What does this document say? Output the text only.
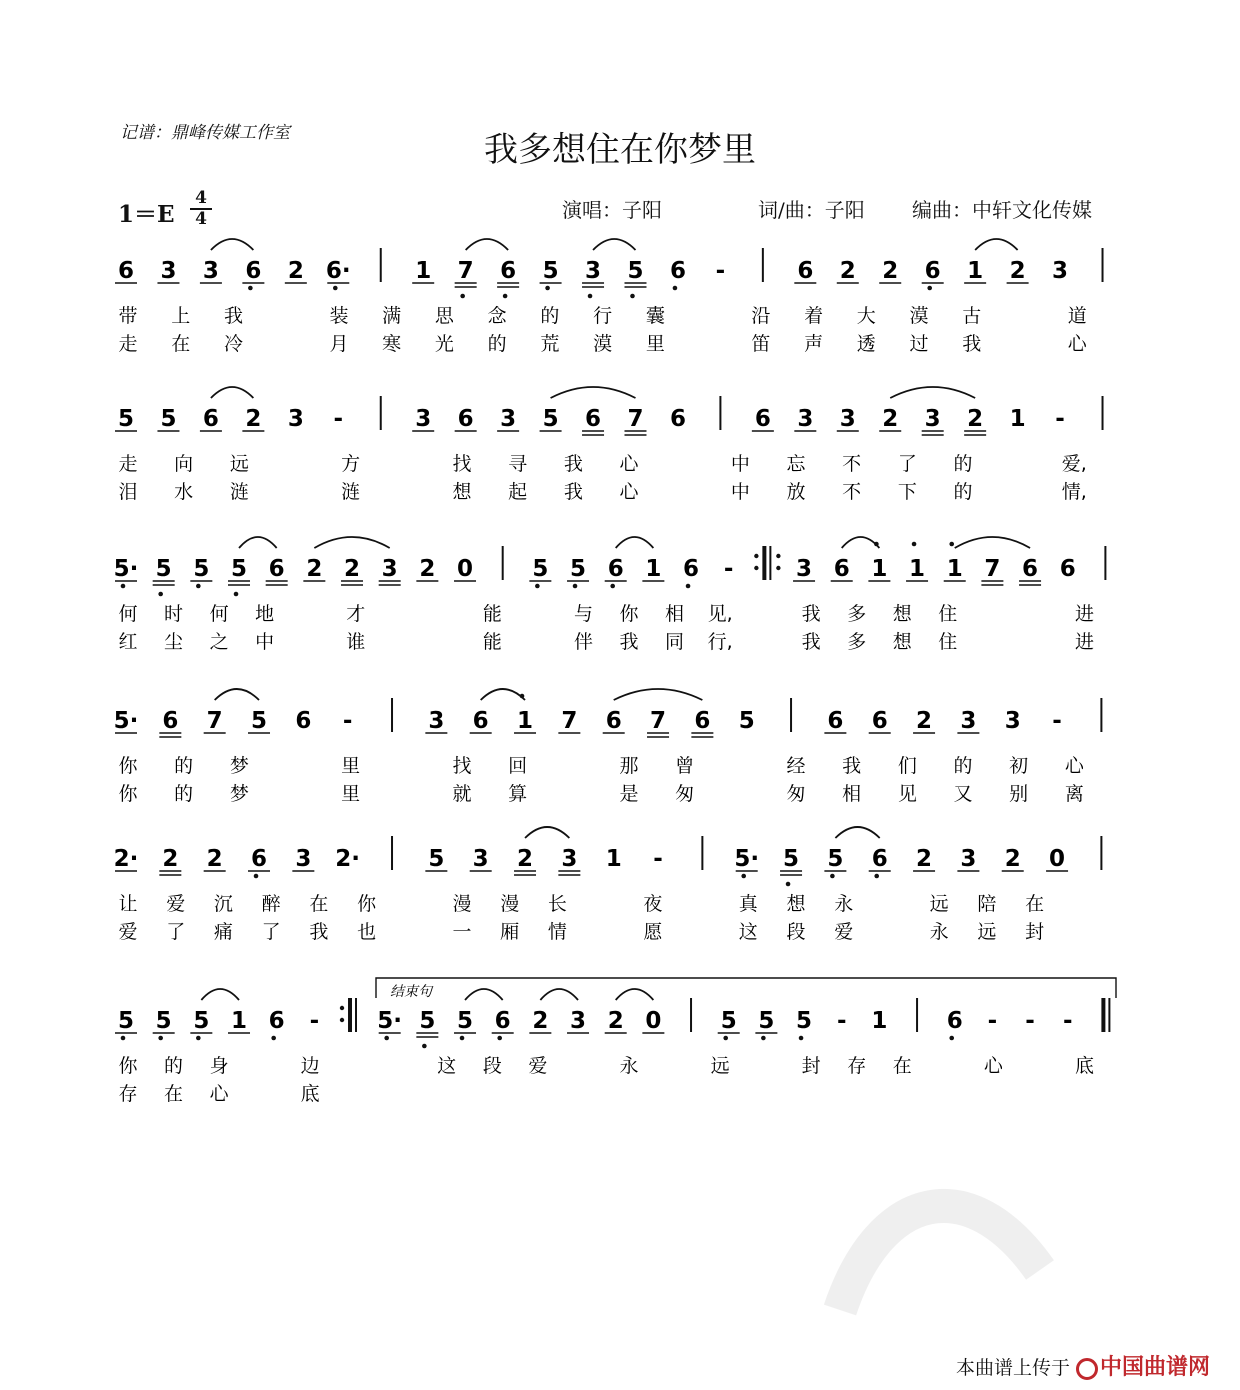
记谱：鼎峰传媒工作室	我多想住在你梦里
1＝E
4
4	演唱：子阳	词/曲：子阳 编曲：中轩文化传媒
6 3 3 6 2 6·	1 7 6 5 3 5 6 -	6 2 2 6 1 2 3
带 上 我	装 满 思 念 的 行 囊	沿 着 大 漠 古	道
走 在 冷	月 寒 光 的 荒 漠 里	笛 声 透 过 我	心
5 5 6 2 3 -	3 6 3 5 6 7 6	6 3 3 2 3 2 1 -
走 向 远	方	找 寻 我 心	中 忘 不 了 的	爱,
泪 水 涟	涟	想 起 我 心	中 放 不 下 的	情,
5· 5 5 5 6 2 2 3 2 0	5 5 6 1 6 -	3 6 1 1 1 7 6 6
何 时 何 地	才	能	与 你 相 见,	我 多 想 住	进
红 尘 之 中	谁	能	伴 我 同 行,	我 多 想 住	进
5· 6 7 5 6 -	3 6 1 7 6 7 6 5	6 6 2 3 3 -
你 的 梦	里	找 回	那 曾	经 我 们 的 初 心
你 的 梦	里	就 算	是 匆	匆 相 见 又 别 离
2· 2 2 6 3 2·	5 3 2 3 1 -	5· 5 5 6 2 3 2 0
让 爱 沉 醉 在 你	漫 漫 长	夜	真 想 永	远 陪 在
爱 了 痛 了 我 也	一 厢 情	愿	这 段 爱	永 远 封
5 5 5 1 6 -	5· 5 5 6 2 3 2 0	5 5 5 - 1	6 - - -
你 的 身	边	这 段 爱	永	远	封 存 在	心	底
存 在 心	底
结束句
本曲谱上传于 中国曲谱网
